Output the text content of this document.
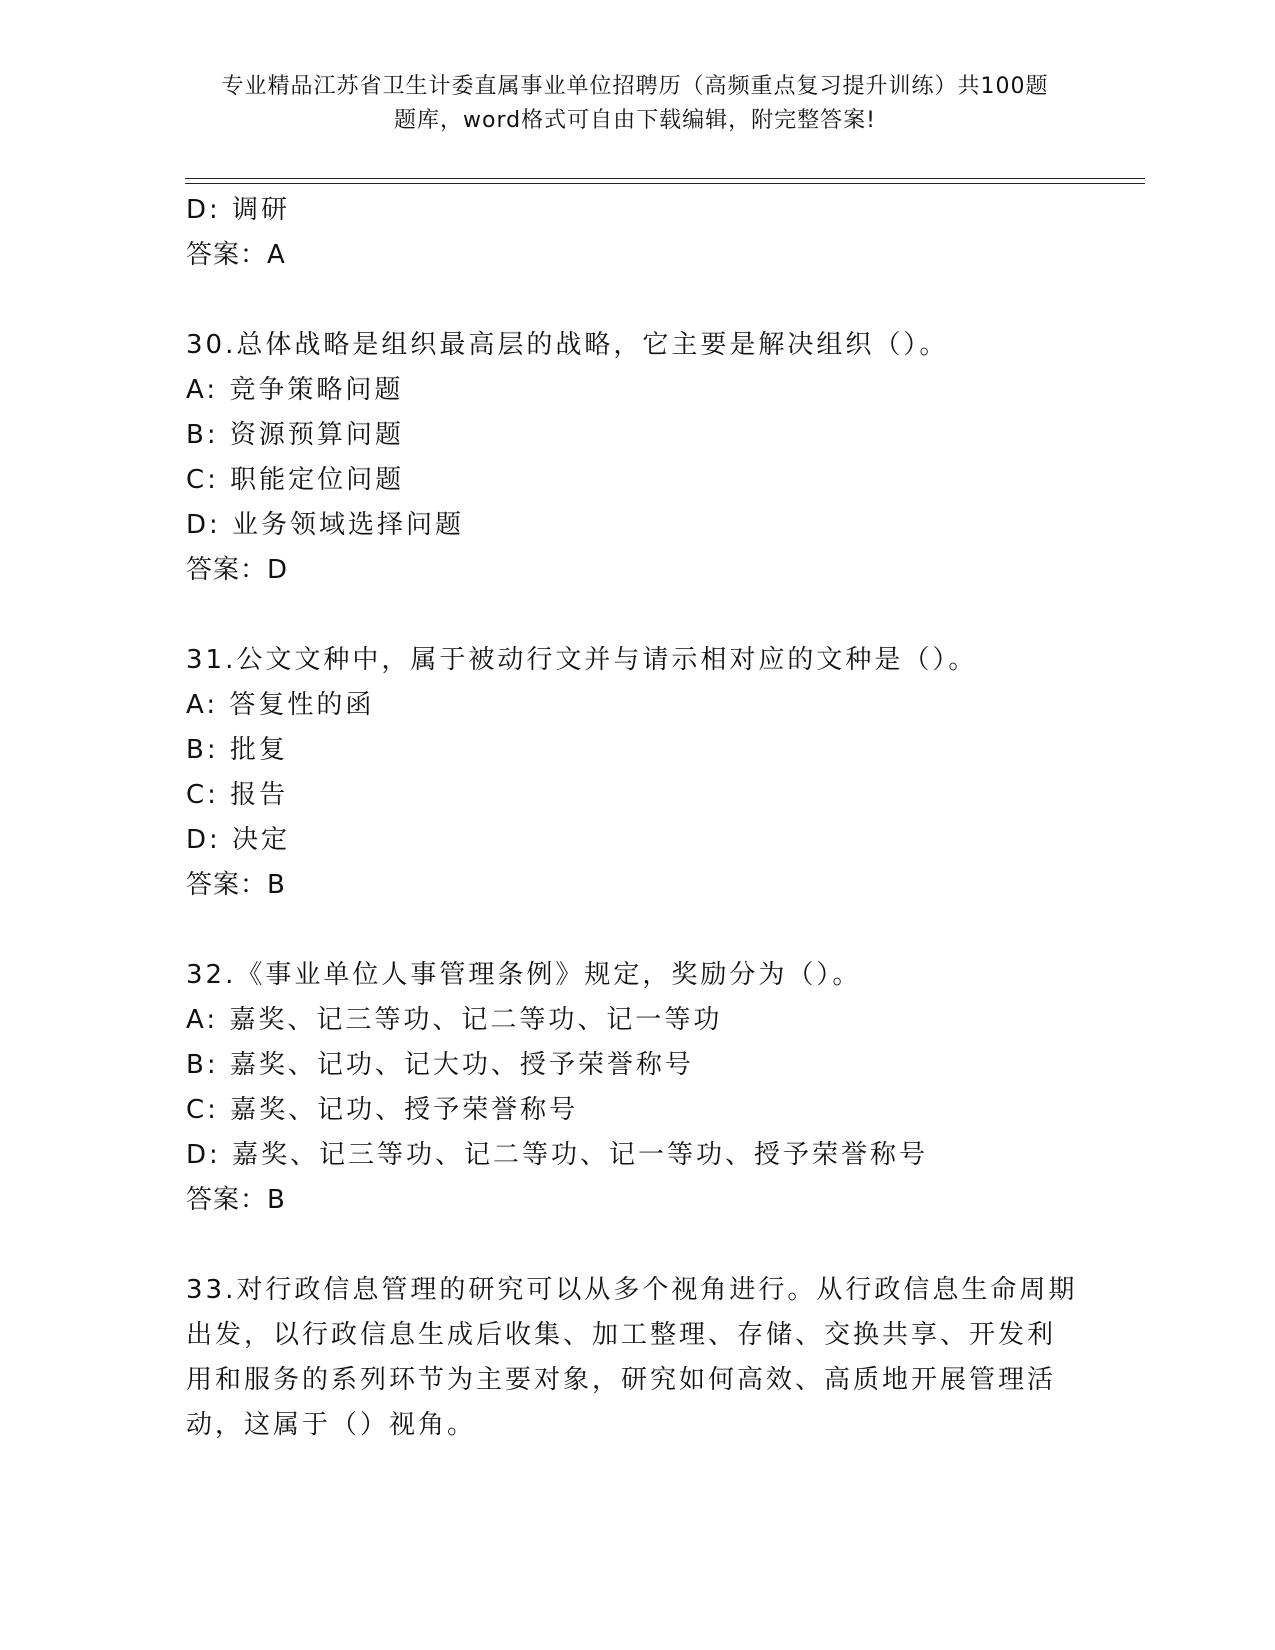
专业精品江苏省卫生计委直属事业单位招聘历（高频重点复习提升训练）共100题
题库，word格式可自由下载编辑，附完整答案!
D: 调研
答案：A
30.总体战略是组织最高层的战略，它主要是解决组织（）。
A: 竞争策略问题
B: 资源预算问题
C: 职能定位问题
D: 业务领域选择问题
答案：D
31.公文文种中，属于被动行文并与请示相对应的文种是（）。
A: 答复性的函
B: 批复
C: 报告
D: 决定
答案：B
32.《事业单位人事管理条例》规定，奖励分为（）。
A: 嘉奖、记三等功、记二等功、记一等功
B: 嘉奖、记功、记大功、授予荣誉称号
C: 嘉奖、记功、授予荣誉称号
D: 嘉奖、记三等功、记二等功、记一等功、授予荣誉称号
答案：B
33.对行政信息管理的研究可以从多个视角进行。从行政信息生命周期
出发，以行政信息生成后收集、加工整理、存储、交换共享、开发利
用和服务的系列环节为主要对象，研究如何高效、高质地开展管理活
动，这属于（）视角。
